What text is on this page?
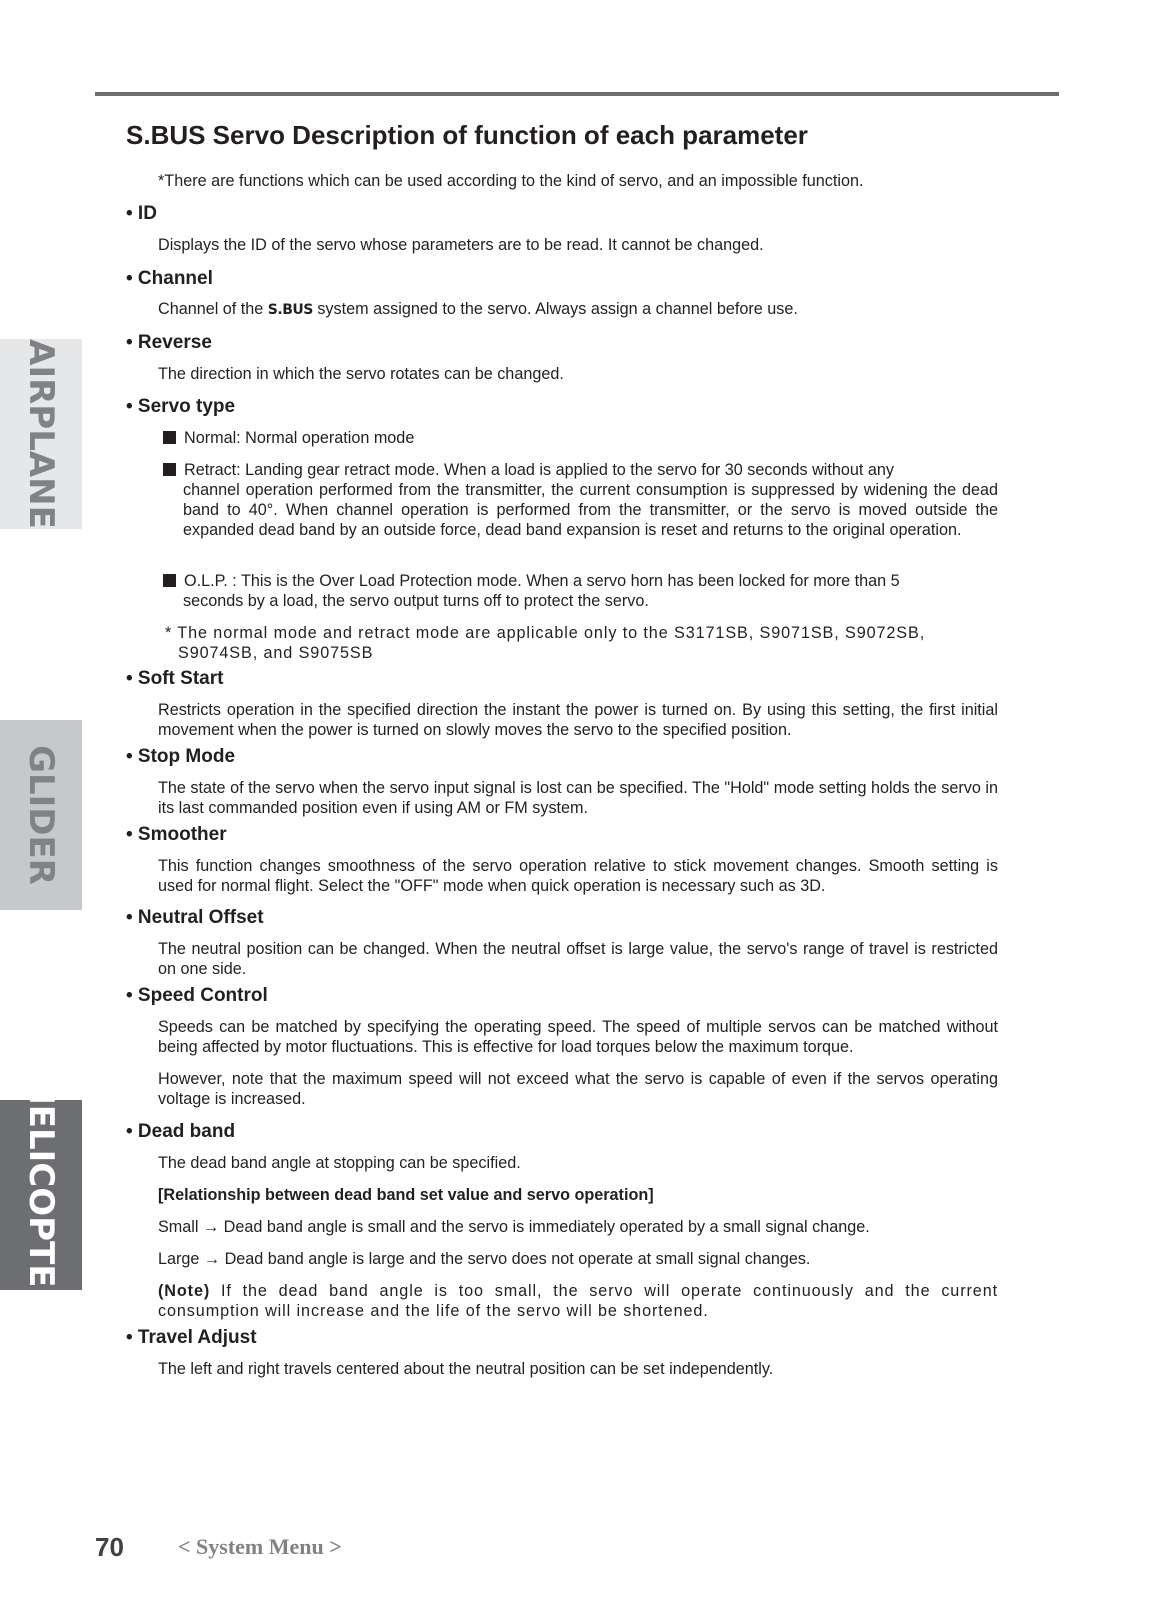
AIRPLANE
GLIDER
HELICOPTER
S.BUS Servo Description of function of each parameter

*There are functions which can be used according to the kind of servo, and an impossible function.

• ID

Displays the ID of the servo whose parameters are to be read. It cannot be changed.

• Channel

Channel of the S.BUS system assigned to the servo. Always assign a channel before use.

• Reverse

The direction in which the servo rotates can be changed.

• Servo type

Normal: Normal operation mode

Retract: Landing gear retract mode. When a load is applied to the servo for 30 seconds without any
channel operation performed from the transmitter, the current consumption is suppressed by widening the dead band to 40°. When channel operation is performed from the transmitter, or the servo is moved outside the expanded dead band by an outside force, dead band expansion is reset and returns to the original operation.

O.L.P. : This is the Over Load Protection mode. When a servo horn has been locked for more than 5
seconds by a load, the servo output turns off to protect the servo.

* The normal mode and retract mode are applicable only to the S3171SB, S9071SB, S9072SB,
S9074SB, and S9075SB

• Soft Start

Restricts operation in the specified direction the instant the power is turned on. By using this setting, the first initial movement when the power is turned on slowly moves the servo to the specified position.

• Stop Mode

The state of the servo when the servo input signal is lost can be specified. The "Hold" mode setting holds the servo in its last commanded position even if using AM or FM system.

• Smoother

This function changes smoothness of the servo operation relative to stick movement changes. Smooth setting is used for normal flight. Select the "OFF" mode when quick operation is necessary such as 3D.

• Neutral Offset

The neutral position can be changed. When the neutral offset is large value, the servo's range of travel is restricted on one side.

• Speed Control

Speeds can be matched by specifying the operating speed. The speed of multiple servos can be matched without being affected by motor fluctuations. This is effective for load torques below the maximum torque.

However, note that the maximum speed will not exceed what the servo is capable of even if the servos operating voltage is increased.

• Dead band

The dead band angle at stopping can be specified.

[Relationship between dead band set value and servo operation]

Small → Dead band angle is small and the servo is immediately operated by a small signal change.

Large → Dead band angle is large and the servo does not operate at small signal changes.

(Note) If the dead band angle is too small, the servo will operate continuously and the current consumption will increase and the life of the servo will be shortened.

• Travel Adjust

The left and right travels centered about the neutral position can be set independently.

70 < System Menu >
